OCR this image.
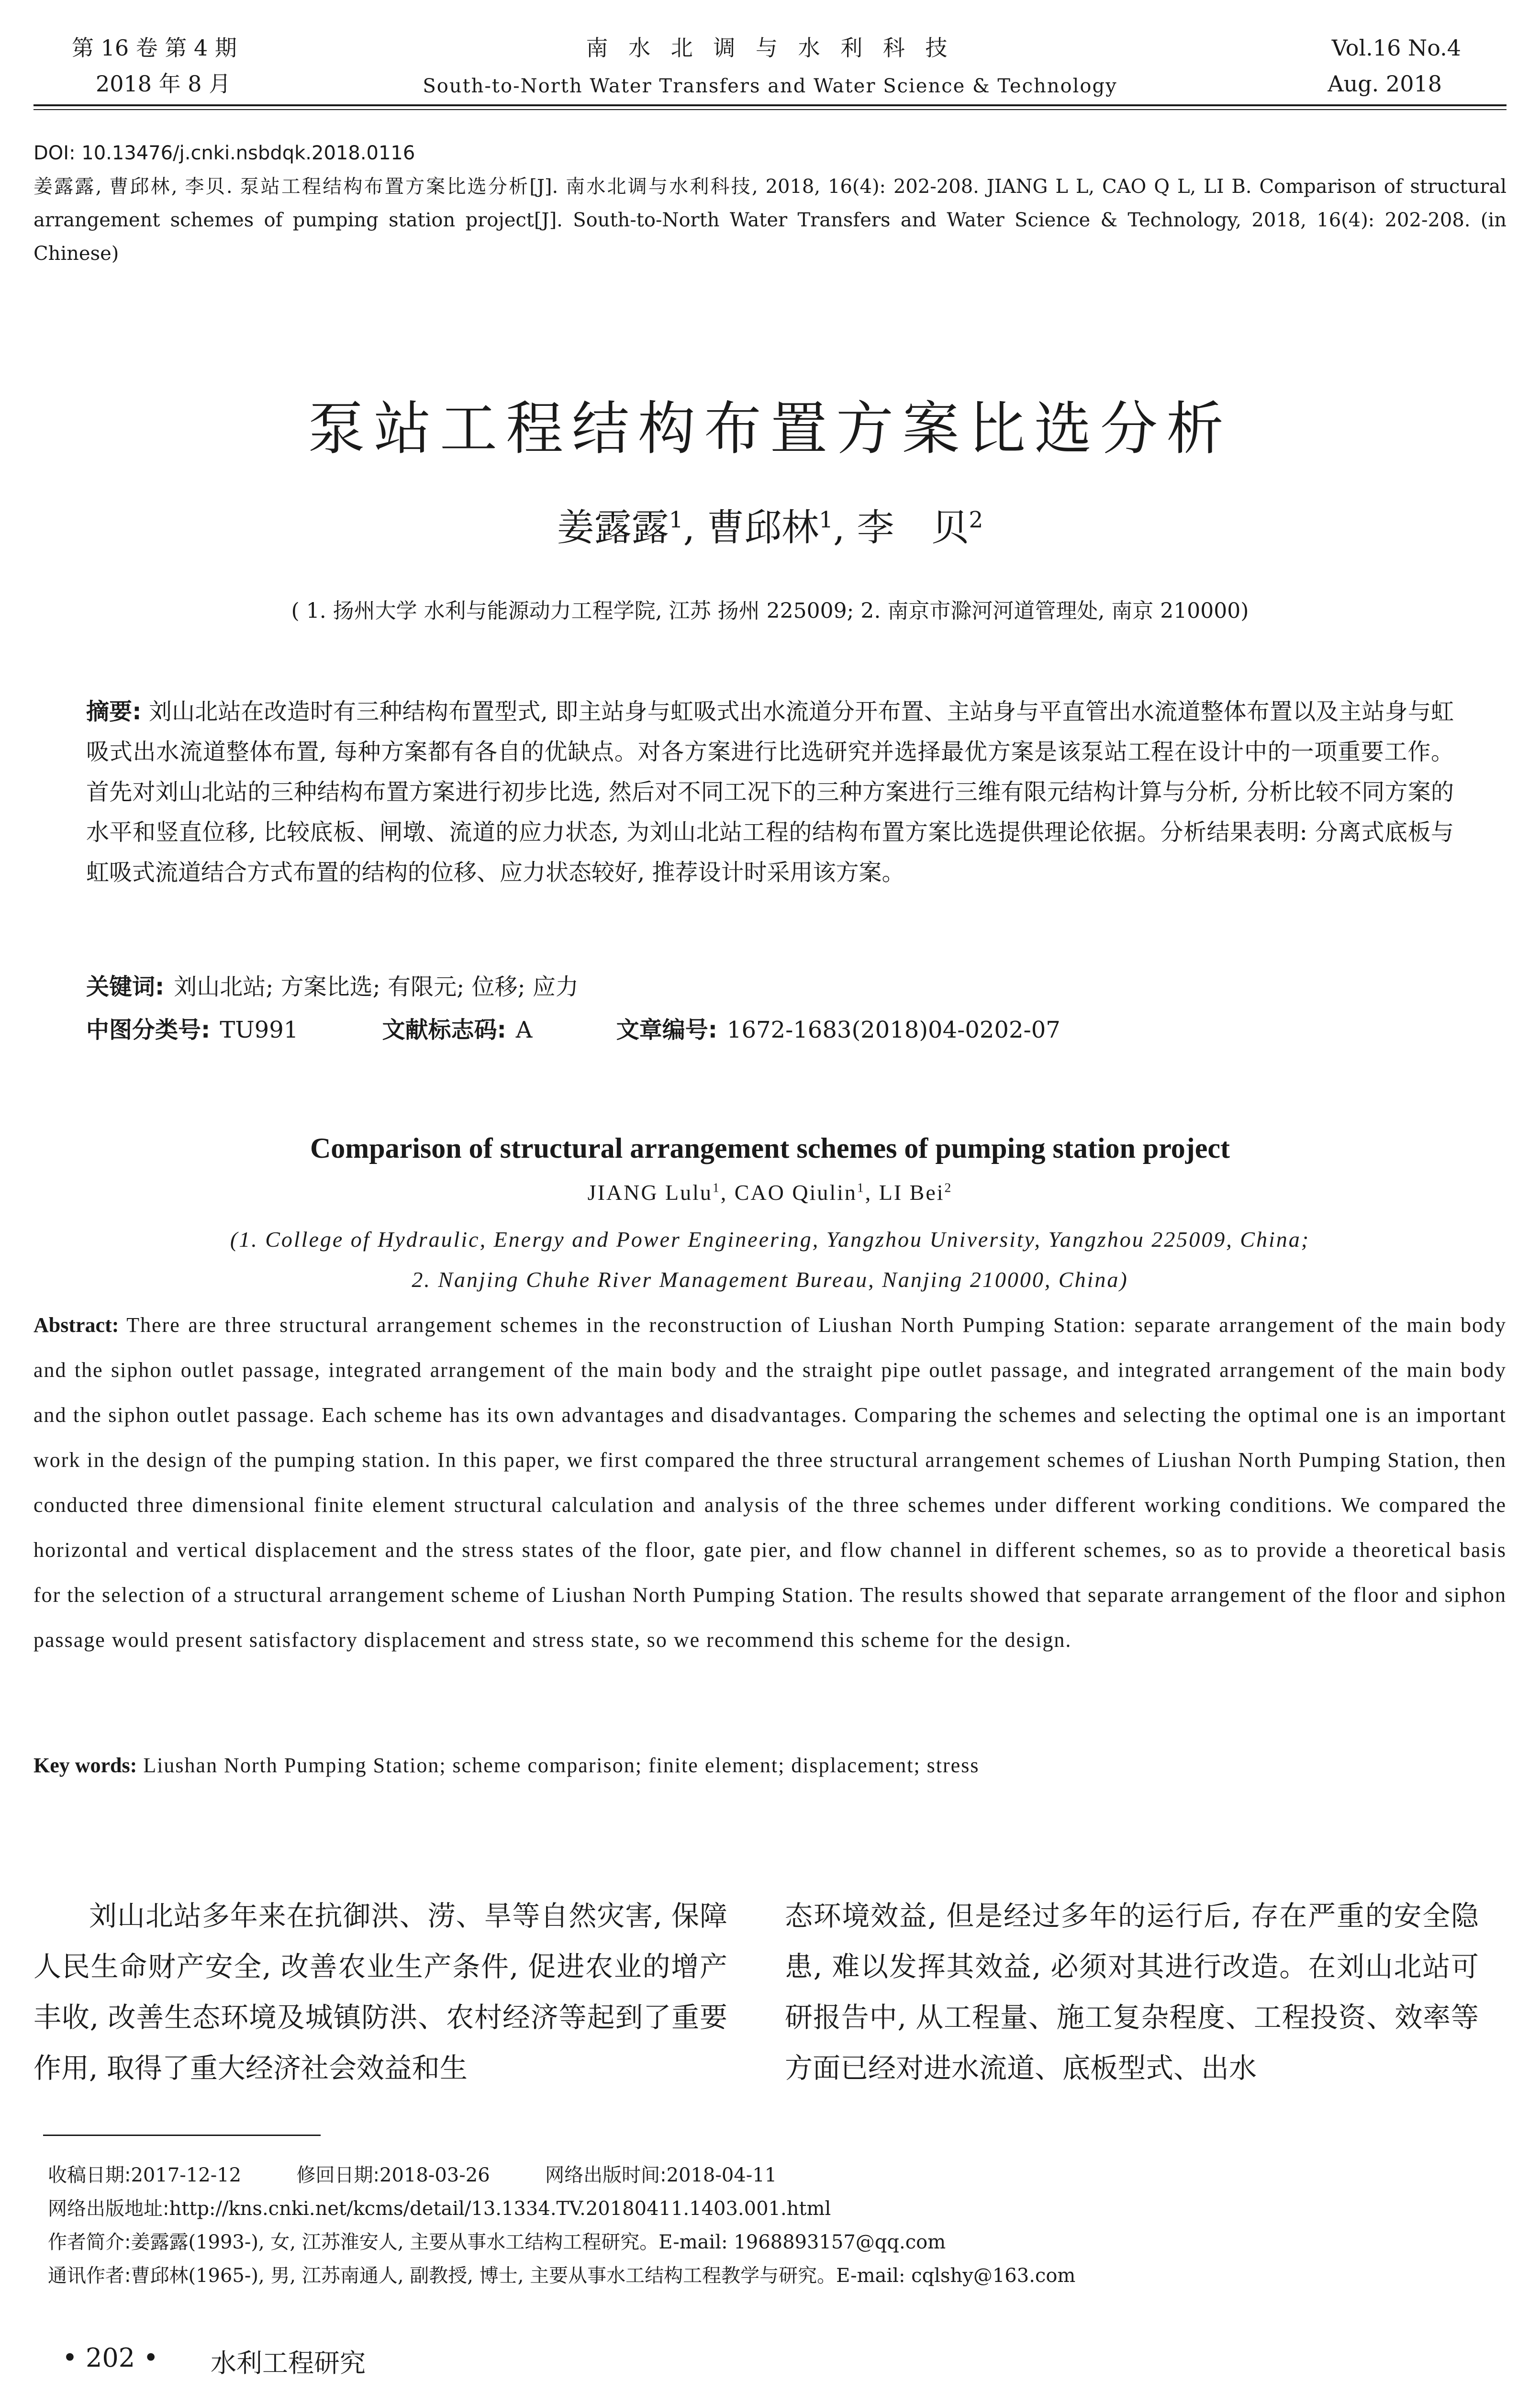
第 16 卷 第 4 期
2018 年 8 月
南 水 北 调 与 水 利 科 技
South-to-North Water Transfers and Water Science & Technology
Vol.16 No.4
Aug. 2018
DOI: 10.13476/j.cnki.nsbdqk.2018.0116
姜露露, 曹邱林, 李贝. 泵站工程结构布置方案比选分析[J]. 南水北调与水利科技, 2018, 16(4): 202-208. JIANG L L, CAO Q L, LI B. Comparison of structural arrangement schemes of pumping station project[J]. South-to-North Water Transfers and Water Science & Technology, 2018, 16(4): 202-208. (in Chinese)
泵站工程结构布置方案比选分析
姜露露$^1$, 曹邱林$^1$, 李　贝$^2$
( 1. 扬州大学 水利与能源动力工程学院, 江苏 扬州 225009; 2. 南京市滁河河道管理处, 南京 210000)
摘要: 刘山北站在改造时有三种结构布置型式, 即主站身与虹吸式出水流道分开布置、主站身与平直管出水流道整体布置以及主站身与虹吸式出水流道整体布置, 每种方案都有各自的优缺点。对各方案进行比选研究并选择最优方案是该泵站工程在设计中的一项重要工作。首先对刘山北站的三种结构布置方案进行初步比选, 然后对不同工况下的三种方案进行三维有限元结构计算与分析, 分析比较不同方案的水平和竖直位移, 比较底板、闸墩、流道的应力状态, 为刘山北站工程的结构布置方案比选提供理论依据。分析结果表明: 分离式底板与虹吸式流道结合方式布置的结构的位移、应力状态较好, 推荐设计时采用该方案。
关键词: 刘山北站; 方案比选; 有限元; 位移; 应力
中图分类号: TU991	文献标志码: A	文章编号: 1672-1683(2018)04-0202-07
Comparison of structural arrangement schemes of pumping station project
JIANG Lulu$^1$, CAO Qiulin$^1$, LI Bei$^2$
(1. College of Hydraulic, Energy and Power Engineering, Yangzhou University, Yangzhou 225009, China;
2. Nanjing Chuhe River Management Bureau, Nanjing 210000, China)
Abstract: There are three structural arrangement schemes in the reconstruction of Liushan North Pumping Station: separate arrangement of the main body and the siphon outlet passage, integrated arrangement of the main body and the straight pipe outlet passage, and integrated arrangement of the main body and the siphon outlet passage. Each scheme has its own advantages and disadvantages. Comparing the schemes and selecting the optimal one is an important work in the design of the pumping station. In this paper, we first compared the three structural arrangement schemes of Liushan North Pumping Station, then conducted three dimensional finite element structural calculation and analysis of the three schemes under different working conditions. We compared the horizontal and vertical displacement and the stress states of the floor, gate pier, and flow channel in different schemes, so as to provide a theoretical basis for the selection of a structural arrangement scheme of Liushan North Pumping Station. The results showed that separate arrangement of the floor and siphon passage would present satisfactory displacement and stress state, so we recommend this scheme for the design.
Key words: Liushan North Pumping Station; scheme comparison; finite element; displacement; stress
刘山北站多年来在抗御洪、涝、旱等自然灾害, 保障人民生命财产安全, 改善农业生产条件, 促进农业的增产丰收, 改善生态环境及城镇防洪、农村经济等起到了重要作用, 取得了重大经济社会效益和生
态环境效益, 但是经过多年的运行后, 存在严重的安全隐患, 难以发挥其效益, 必须对其进行改造。在刘山北站可研报告中, 从工程量、施工复杂程度、工程投资、效率等方面已经对进水流道、底板型式、出水
收稿日期:2017-12-12	修回日期:2018-03-26	网络出版时间:2018-04-11
网络出版地址:http://kns.cnki.net/kcms/detail/13.1334.TV.20180411.1403.001.html
作者简介:姜露露(1993-), 女, 江苏淮安人, 主要从事水工结构工程研究。E-mail: 1968893157@qq.com
通讯作者:曹邱林(1965-), 男, 江苏南通人, 副教授, 博士, 主要从事水工结构工程教学与研究。E-mail: cqlshy@163.com
• 202 • 水利工程研究
